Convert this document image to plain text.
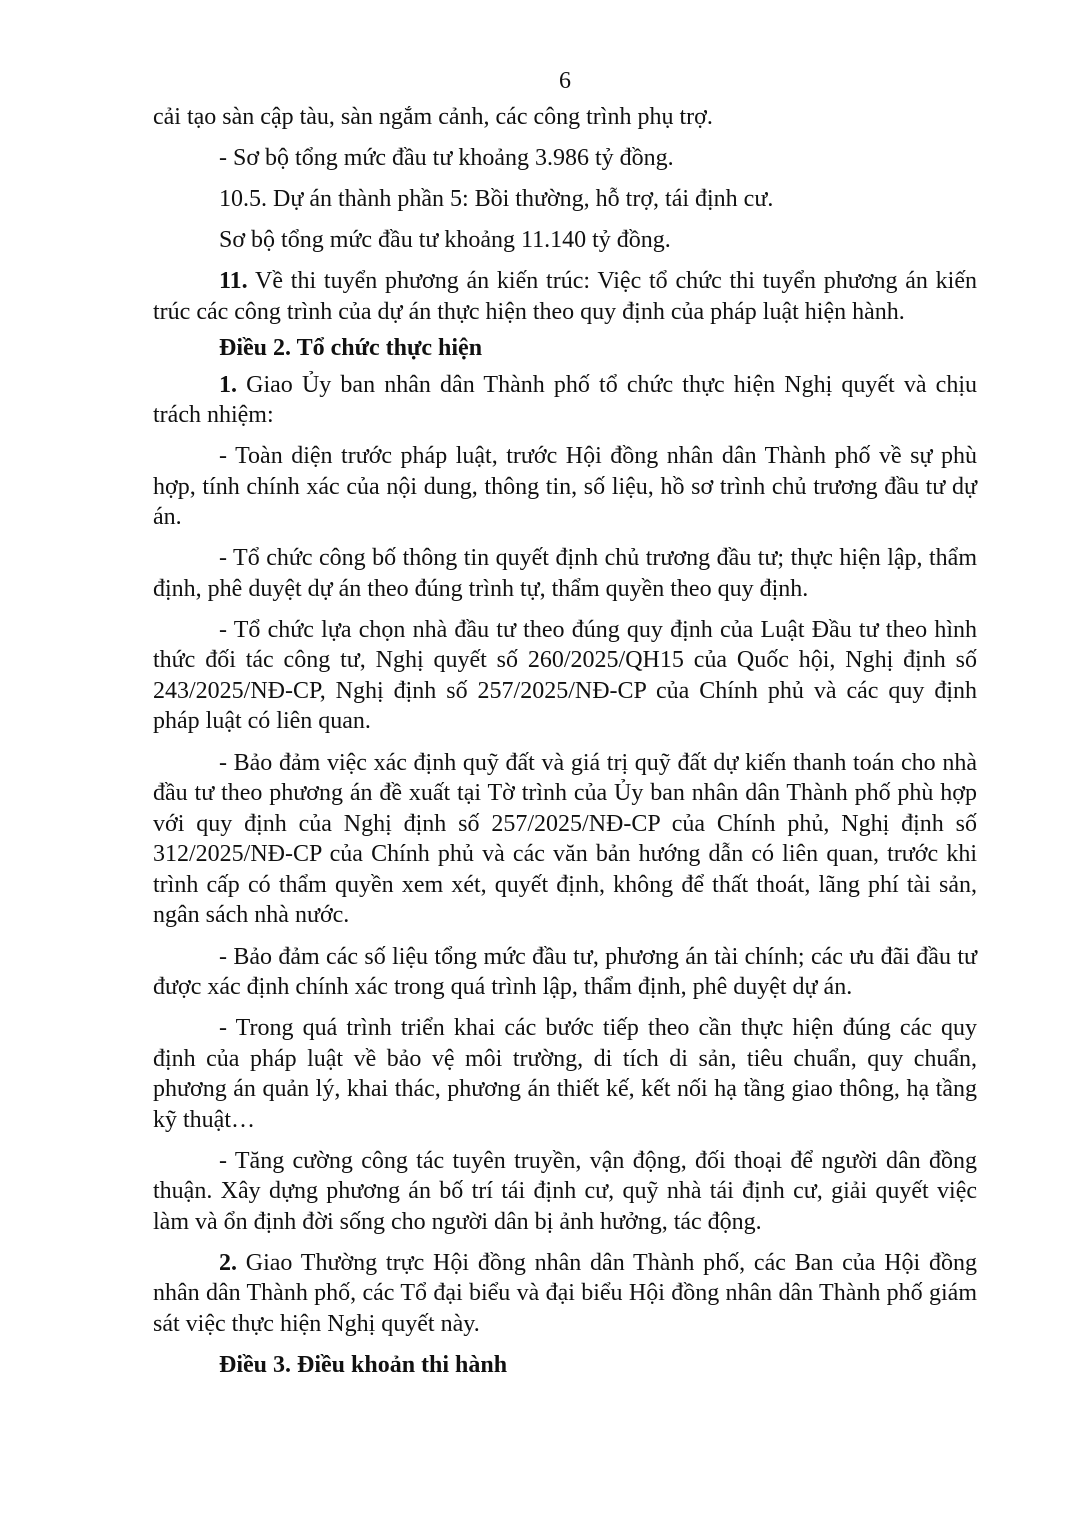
6

cải tạo sàn cập tàu, sàn ngắm cảnh, các công trình phụ trợ.

- Sơ bộ tổng mức đầu tư khoảng 3.986 tỷ đồng.

10.5. Dự án thành phần 5: Bồi thường, hỗ trợ, tái định cư.

Sơ bộ tổng mức đầu tư khoảng 11.140 tỷ đồng.

11. Về thi tuyển phương án kiến trúc: Việc tổ chức thi tuyển phương án kiến trúc các công trình của dự án thực hiện theo quy định của pháp luật hiện hành.

Điều 2. Tổ chức thực hiện

1. Giao Ủy ban nhân dân Thành phố tổ chức thực hiện Nghị quyết và chịu trách nhiệm:

- Toàn diện trước pháp luật, trước Hội đồng nhân dân Thành phố về sự phù hợp, tính chính xác của nội dung, thông tin, số liệu, hồ sơ trình chủ trương đầu tư dự án.

- Tổ chức công bố thông tin quyết định chủ trương đầu tư; thực hiện lập, thẩm định, phê duyệt dự án theo đúng trình tự, thẩm quyền theo quy định.

- Tổ chức lựa chọn nhà đầu tư theo đúng quy định của Luật Đầu tư theo hình thức đối tác công tư, Nghị quyết số 260/2025/QH15 của Quốc hội, Nghị định số 243/2025/NĐ-CP, Nghị định số 257/2025/NĐ-CP của Chính phủ và các quy định pháp luật có liên quan.

- Bảo đảm việc xác định quỹ đất và giá trị quỹ đất dự kiến thanh toán cho nhà đầu tư theo phương án đề xuất tại Tờ trình của Ủy ban nhân dân Thành phố phù hợp với quy định của Nghị định số 257/2025/NĐ-CP của Chính phủ, Nghị định số 312/2025/NĐ-CP của Chính phủ và các văn bản hướng dẫn có liên quan, trước khi trình cấp có thẩm quyền xem xét, quyết định, không để thất thoát, lãng phí tài sản, ngân sách nhà nước.

- Bảo đảm các số liệu tổng mức đầu tư, phương án tài chính; các ưu đãi đầu tư được xác định chính xác trong quá trình lập, thẩm định, phê duyệt dự án.

- Trong quá trình triển khai các bước tiếp theo cần thực hiện đúng các quy định của pháp luật về bảo vệ môi trường, di tích di sản, tiêu chuẩn, quy chuẩn, phương án quản lý, khai thác, phương án thiết kế, kết nối hạ tầng giao thông, hạ tầng kỹ thuật…

- Tăng cường công tác tuyên truyền, vận động, đối thoại để người dân đồng thuận. Xây dựng phương án bố trí tái định cư, quỹ nhà tái định cư, giải quyết việc làm và ổn định đời sống cho người dân bị ảnh hưởng, tác động.

2. Giao Thường trực Hội đồng nhân dân Thành phố, các Ban của Hội đồng nhân dân Thành phố, các Tổ đại biểu và đại biểu Hội đồng nhân dân Thành phố giám sát việc thực hiện Nghị quyết này.

Điều 3. Điều khoản thi hành
